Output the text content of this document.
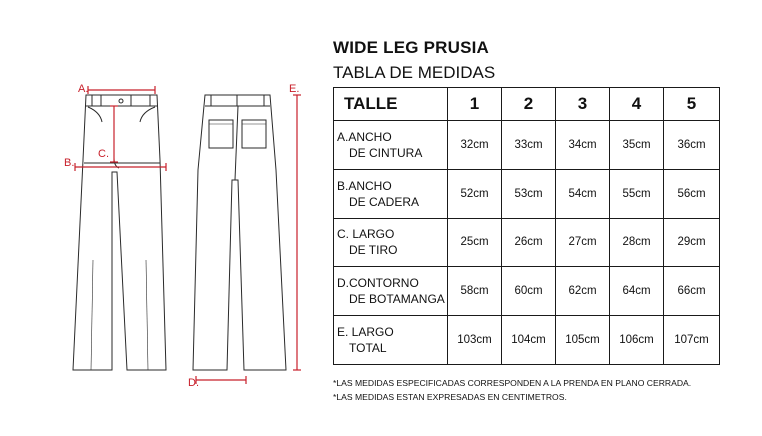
A.
B.
C.
D.
E.
WIDE LEG PRUSIA
TABLA DE MEDIDAS
TALLE	1	2	3	4	5

A.ANCHO
DE CINTURA	32cm	33cm	34cm	35cm	36cm

B.ANCHO
DE CADERA	52cm	53cm	54cm	55cm	56cm

C. LARGO
DE TIRO	25cm	26cm	27cm	28cm	29cm

D.CONTORNO
DE BOTAMANGA	58cm	60cm	62cm	64cm	66cm

E. LARGO
TOTAL	103cm	104cm	105cm	106cm	107cm
*LAS MEDIDAS ESPECIFICADAS CORRESPONDEN A LA PRENDA EN PLANO CERRADA.
*LAS MEDIDAS ESTAN EXPRESADAS EN CENTIMETROS.
